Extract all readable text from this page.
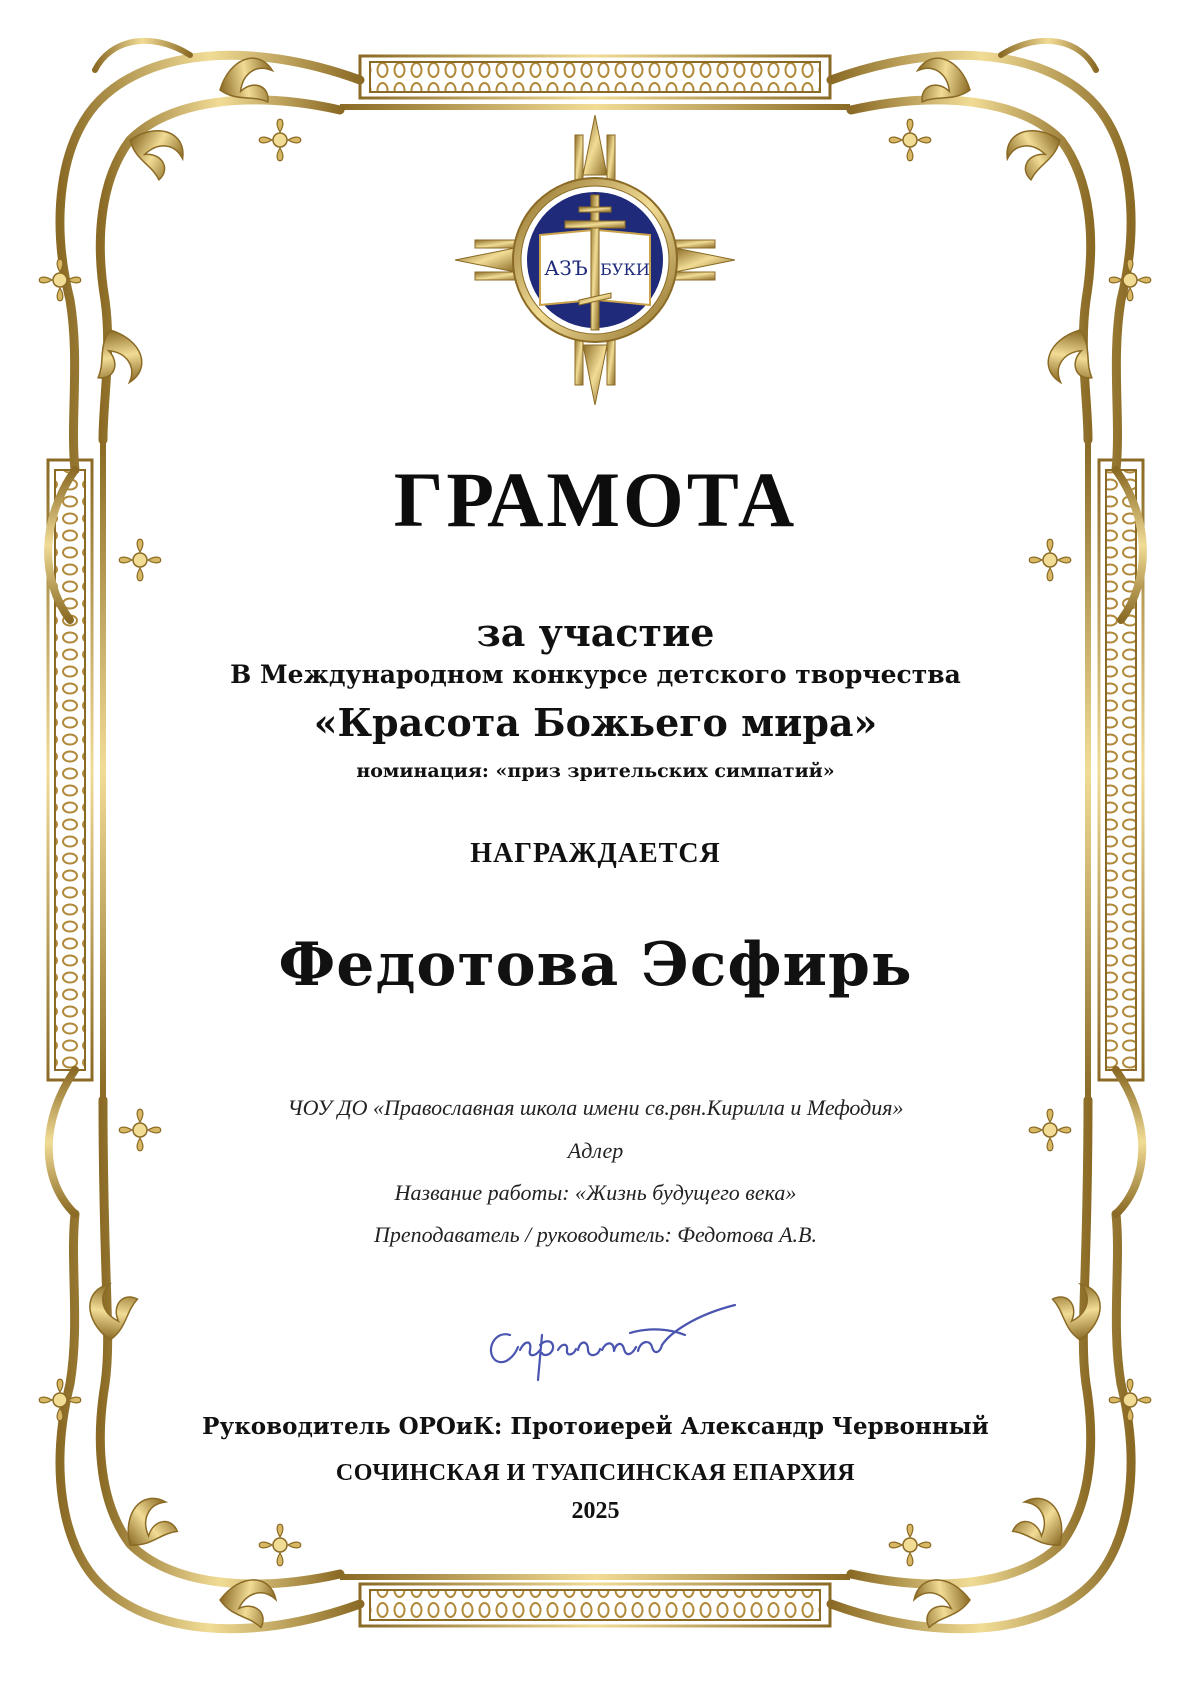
АЗЪ БУКИ
ГРАМОТА
за участие
В Международном конкурсе детского творчества
«Красота Божьего мира»
номинация: «приз зрительских симпатий»
НАГРАЖДАЕТСЯ
Федотова Эсфирь
ЧОУ ДО «Православная школа имени св.рвн.Кирилла и Мефодия»
Адлер
Название работы: «Жизнь будущего века»
Преподаватель / руководитель: Федотова А.В.
Руководитель ОРОиК: Протоиерей Александр Червонный
СОЧИНСКАЯ И ТУАПСИНСКАЯ ЕПАРХИЯ
2025
